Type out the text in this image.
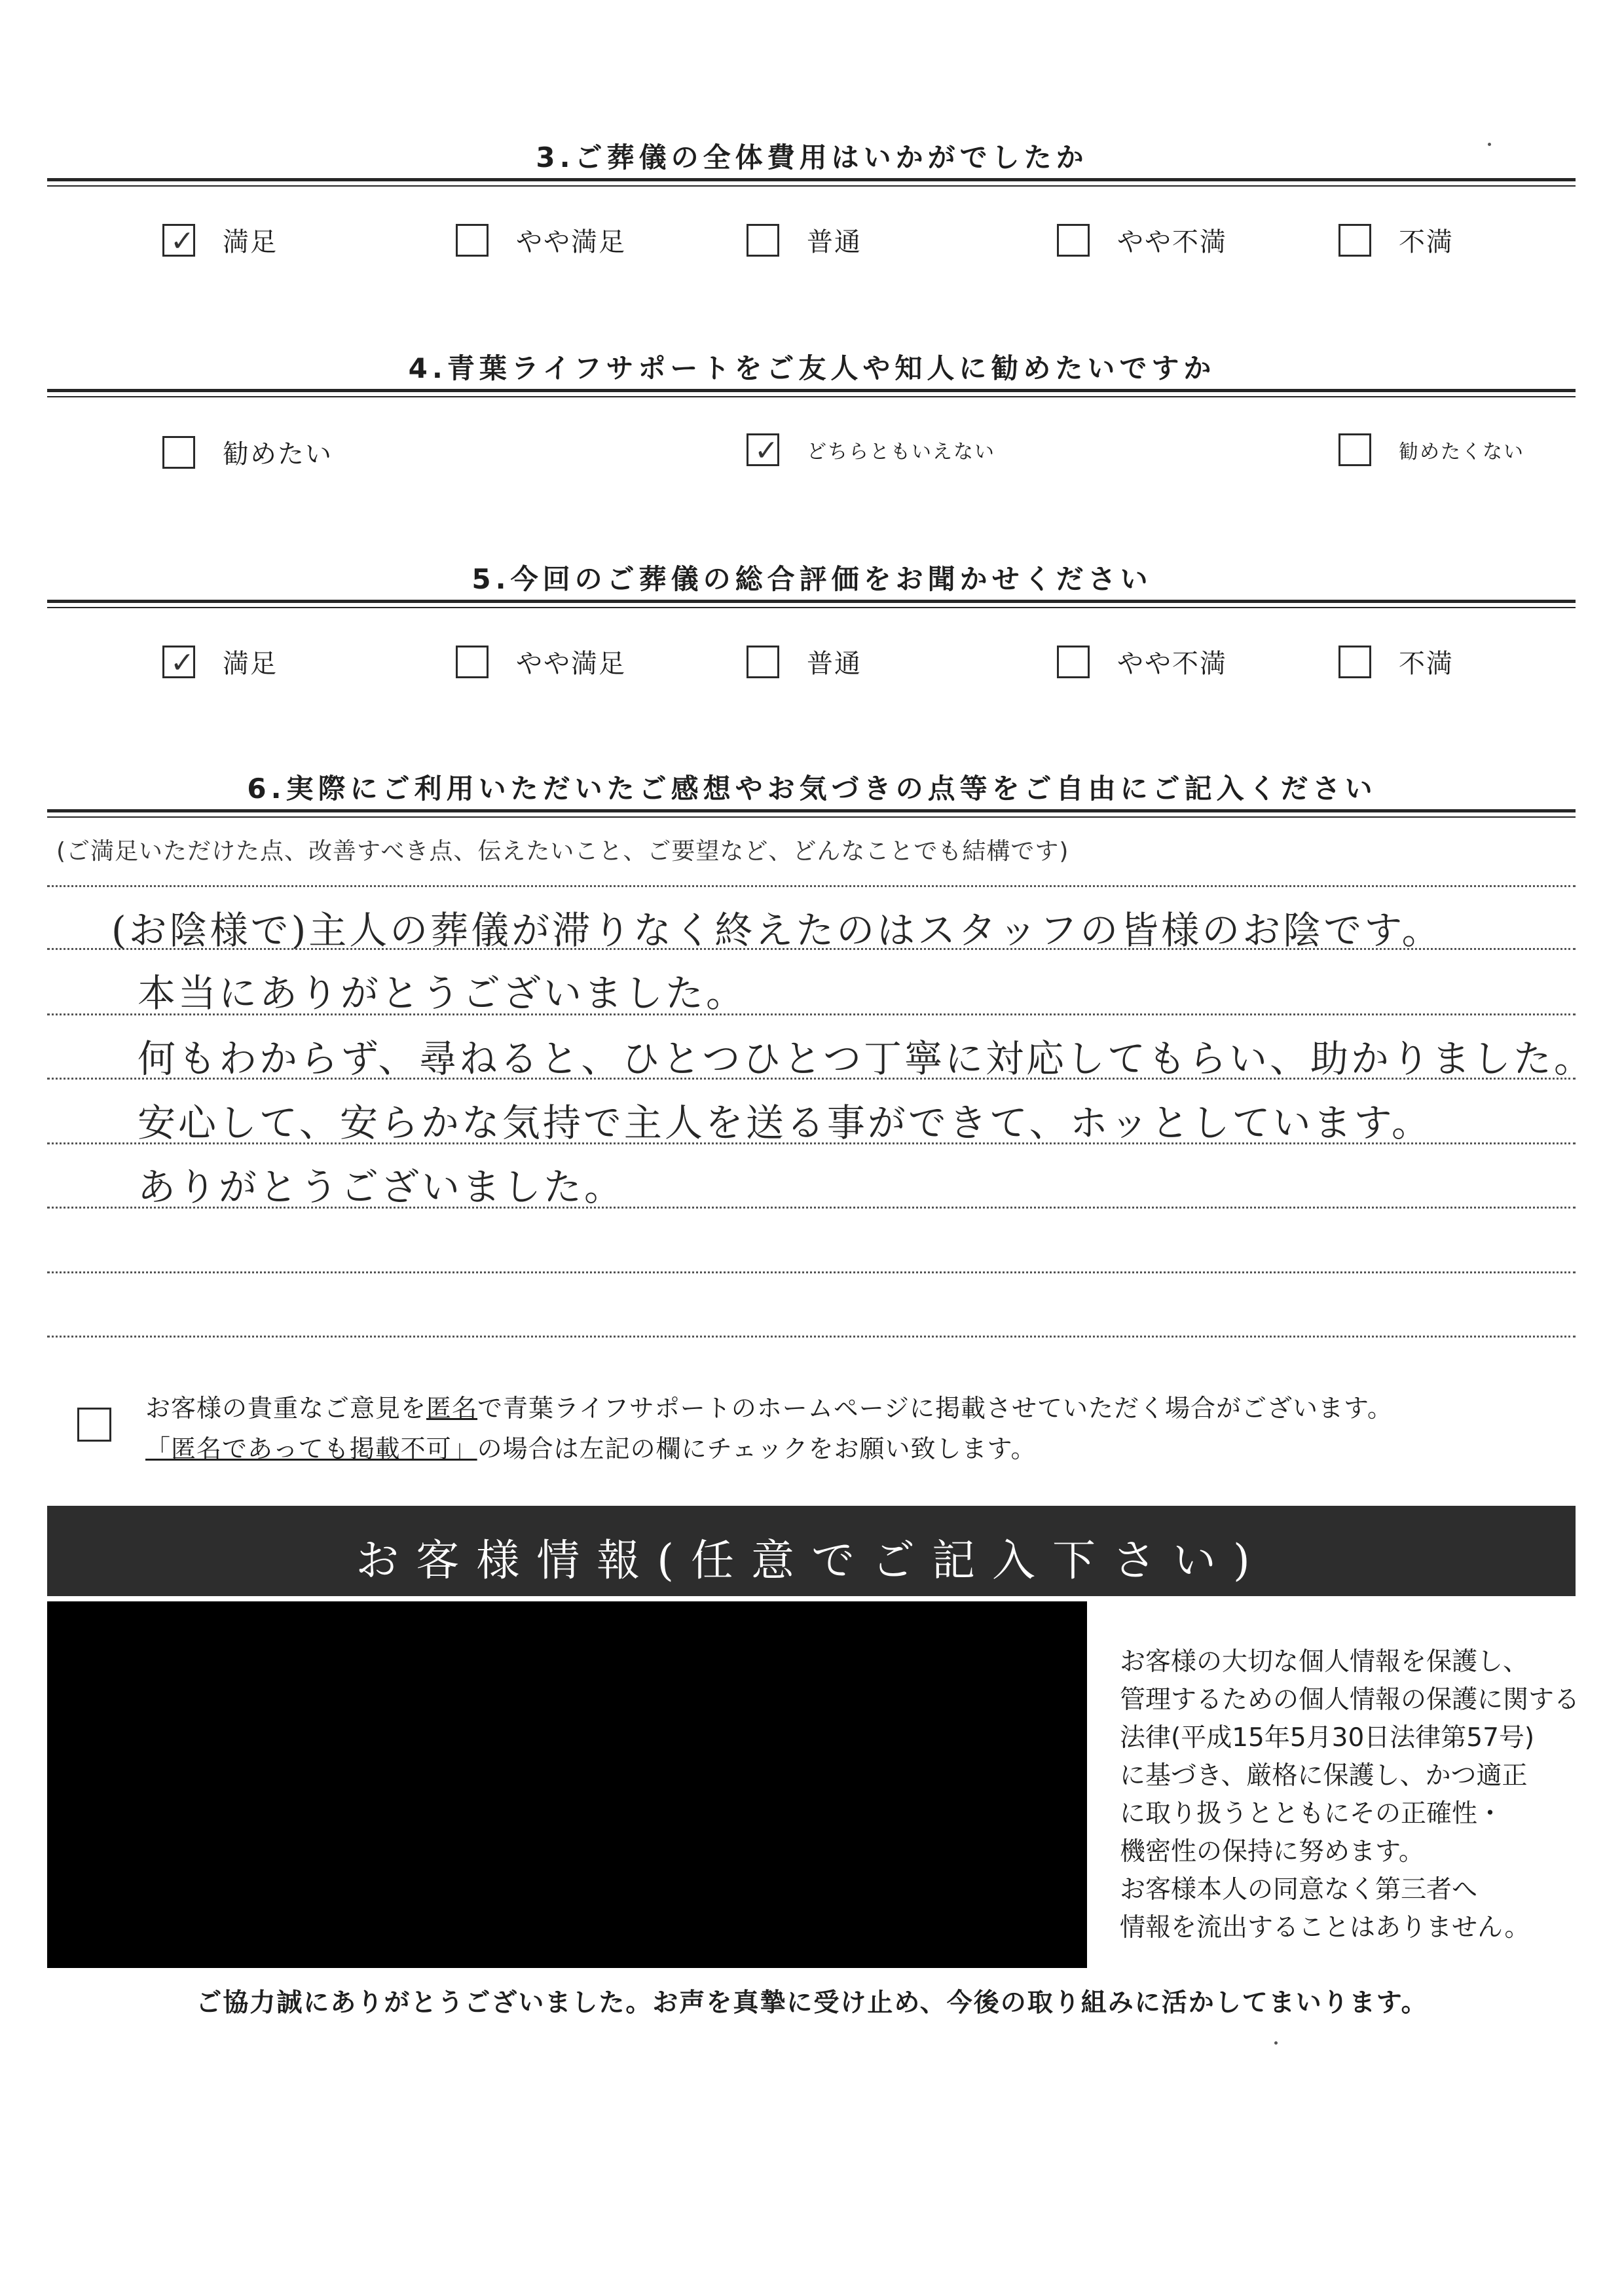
3.ご葬儀の全体費用はいかがでしたか
✓ 満足	やや満足	普通	やや不満	不満
4.青葉ライフサポートをご友人や知人に勧めたいですか
勧めたい	✓ どちらともいえない	勧めたくない
5.今回のご葬儀の総合評価をお聞かせください
✓ 満足	やや満足	普通	やや不満	不満
6.実際にご利用いただいたご感想やお気づきの点等をご自由にご記入ください
(ご満足いただけた点、改善すべき点、伝えたいこと、ご要望など、どんなことでも結構です)
(お陰様で)主人の葬儀が滞りなく終えたのはスタッフの皆様のお陰です。
本当にありがとうございました。
何もわからず、尋ねると、ひとつひとつ丁寧に対応してもらい、助かりました。
安心して、安らかな気持で主人を送る事ができて、ホッとしています。
ありがとうございました。
お客様の貴重なご意見を匿名で青葉ライフサポートのホームページに掲載させていただく場合がございます。
「匿名であっても掲載不可」の場合は左記の欄にチェックをお願い致します。
お客様情報(任意でご記入下さい)
お客様の大切な個人情報を保護し、
管理するための個人情報の保護に関する
法律(平成15年5月30日法律第57号)
に基づき、厳格に保護し、かつ適正
に取り扱うとともにその正確性・
機密性の保持に努めます。
お客様本人の同意なく第三者へ
情報を流出することはありません。
ご協力誠にありがとうございました。お声を真摯に受け止め、今後の取り組みに活かしてまいります。
